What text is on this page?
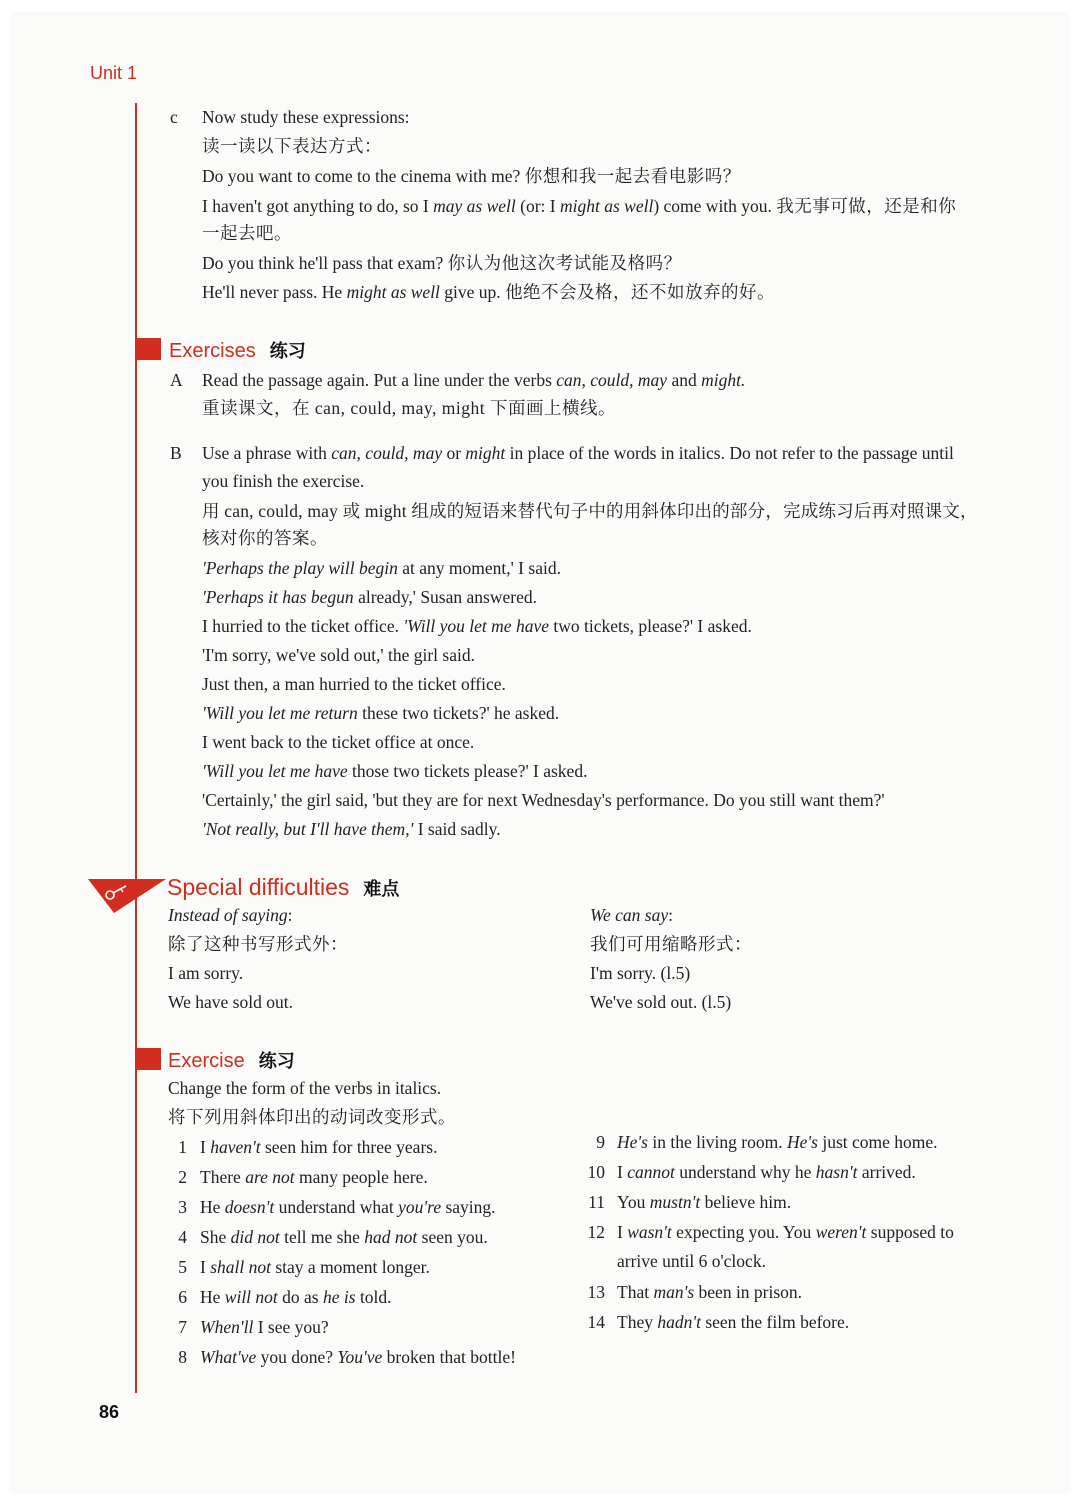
Unit 1
86
c Now study these expressions:
读一读以下表达方式：
Do you want to come to the cinema with me? 你想和我一起去看电影吗？
I haven't got anything to do, so I may as well (or: I might as well) come with you. 我无事可做，还是和你
一起去吧。
Do you think he'll pass that exam? 你认为他这次考试能及格吗？
He'll never pass. He might as well give up. 他绝不会及格，还不如放弃的好。
Exercises 练习
A Read the passage again. Put a line under the verbs can, could, may and might.
重读课文，在 can, could, may, might 下面画上横线。
B Use a phrase with can, could, may or might in place of the words in italics. Do not refer to the passage until
you finish the exercise.
用 can, could, may 或 might 组成的短语来替代句子中的用斜体印出的部分，完成练习后再对照课文，
核对你的答案。
'Perhaps the play will begin at any moment,' I said.
'Perhaps it has begun already,' Susan answered.
I hurried to the ticket office. 'Will you let me have two tickets, please?' I asked.
'I'm sorry, we've sold out,' the girl said.
Just then, a man hurried to the ticket office.
'Will you let me return these two tickets?' he asked.
I went back to the ticket office at once.
'Will you let me have those two tickets please?' I asked.
'Certainly,' the girl said, 'but they are for next Wednesday's performance. Do you still want them?'
'Not really, but I'll have them,' I said sadly.
Special difficulties 难点
Instead of saying:
除了这种书写形式外：
I am sorry.
We have sold out.
We can say:
我们可用缩略形式：
I'm sorry. (l.5)
We've sold out. (l.5)
Exercise 练习
Change the form of the verbs in italics.
将下列用斜体印出的动词改变形式。
1 I haven't seen him for three years.
2 There are not many people here.
3 He doesn't understand what you're saying.
4 She did not tell me she had not seen you.
5 I shall not stay a moment longer.
6 He will not do as he is told.
7 When'll I see you?
8 What've you done? You've broken that bottle!
9 He's in the living room. He's just come home.
10 I cannot understand why he hasn't arrived.
11 You mustn't believe him.
12 I wasn't expecting you. You weren't supposed to
arrive until 6 o'clock.
13 That man's been in prison.
14 They hadn't seen the film before.
